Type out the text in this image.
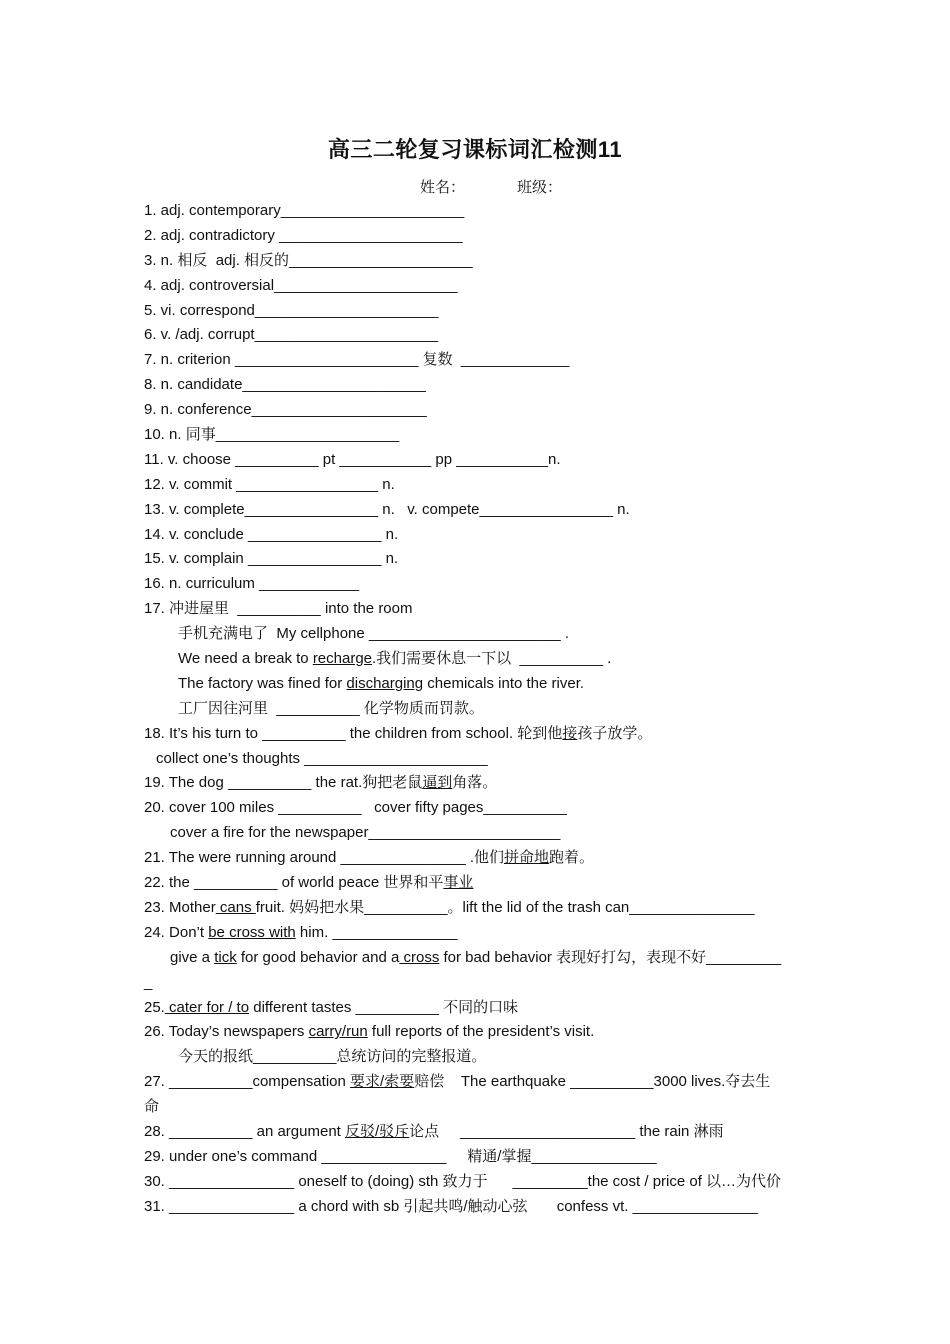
高三二轮复习课标词汇检测11
姓名：	班级：
1. adj. contemporary______________________
2. adj. contradictory ______________________
3. n. 相反  adj. 相反的______________________
4. adj. controversial______________________
5. vi. correspond______________________
6. v. /adj. corrupt______________________
7. n. criterion ______________________ 复数  _____________
8. n. candidate______________________
9. n. conference_____________________
10. n. 同事______________________
11. v. choose __________ pt ___________ pp ___________n.
12. v. commit _________________ n.
13. v. complete________________ n.   v. compete________________ n.
14. v. conclude ________________ n.
15. v. complain ________________ n.
16. n. curriculum ____________
17. 冲进屋里  __________ into the room
手机充满电了  My cellphone _______________________ .
We need a break to recharge.我们需要休息一下以  __________ .
The factory was fined for discharging chemicals into the river.
工厂因往河里  __________ 化学物质而罚款。
18. It’s his turn to __________ the children from school. 轮到他接孩子放学。
collect one’s thoughts ______________________
19. The dog __________ the rat.狗把老鼠逼到角落。
20. cover 100 miles __________   cover fifty pages__________
cover a fire for the newspaper_______________________
21. The were running around _______________ .他们拼命地跑着。
22. the __________ of world peace 世界和平事业
23. Mother cans fruit. 妈妈把水果__________。lift the lid of the trash can_______________
24. Don’t be cross with him. _______________
give a tick for good behavior and a cross for bad behavior 表现好打勾，表现不好_________
_
25. cater for / to different tastes __________ 不同的口味
26. Today’s newspapers carry/run full reports of the president’s visit.
今天的报纸__________总统访问的完整报道。
27. __________compensation 要求/索要赔偿    The earthquake __________3000 lives.夺去生
命
28. __________ an argument 反驳/驳斥论点     _____________________ the rain 淋雨
29. under one’s command _______________     精通/掌握_______________
30. _______________ oneself to (doing) sth 致力于      _________the cost / price of 以…为代价
31. _______________ a chord with sb 引起共鸣/触动心弦       confess vt. _______________
